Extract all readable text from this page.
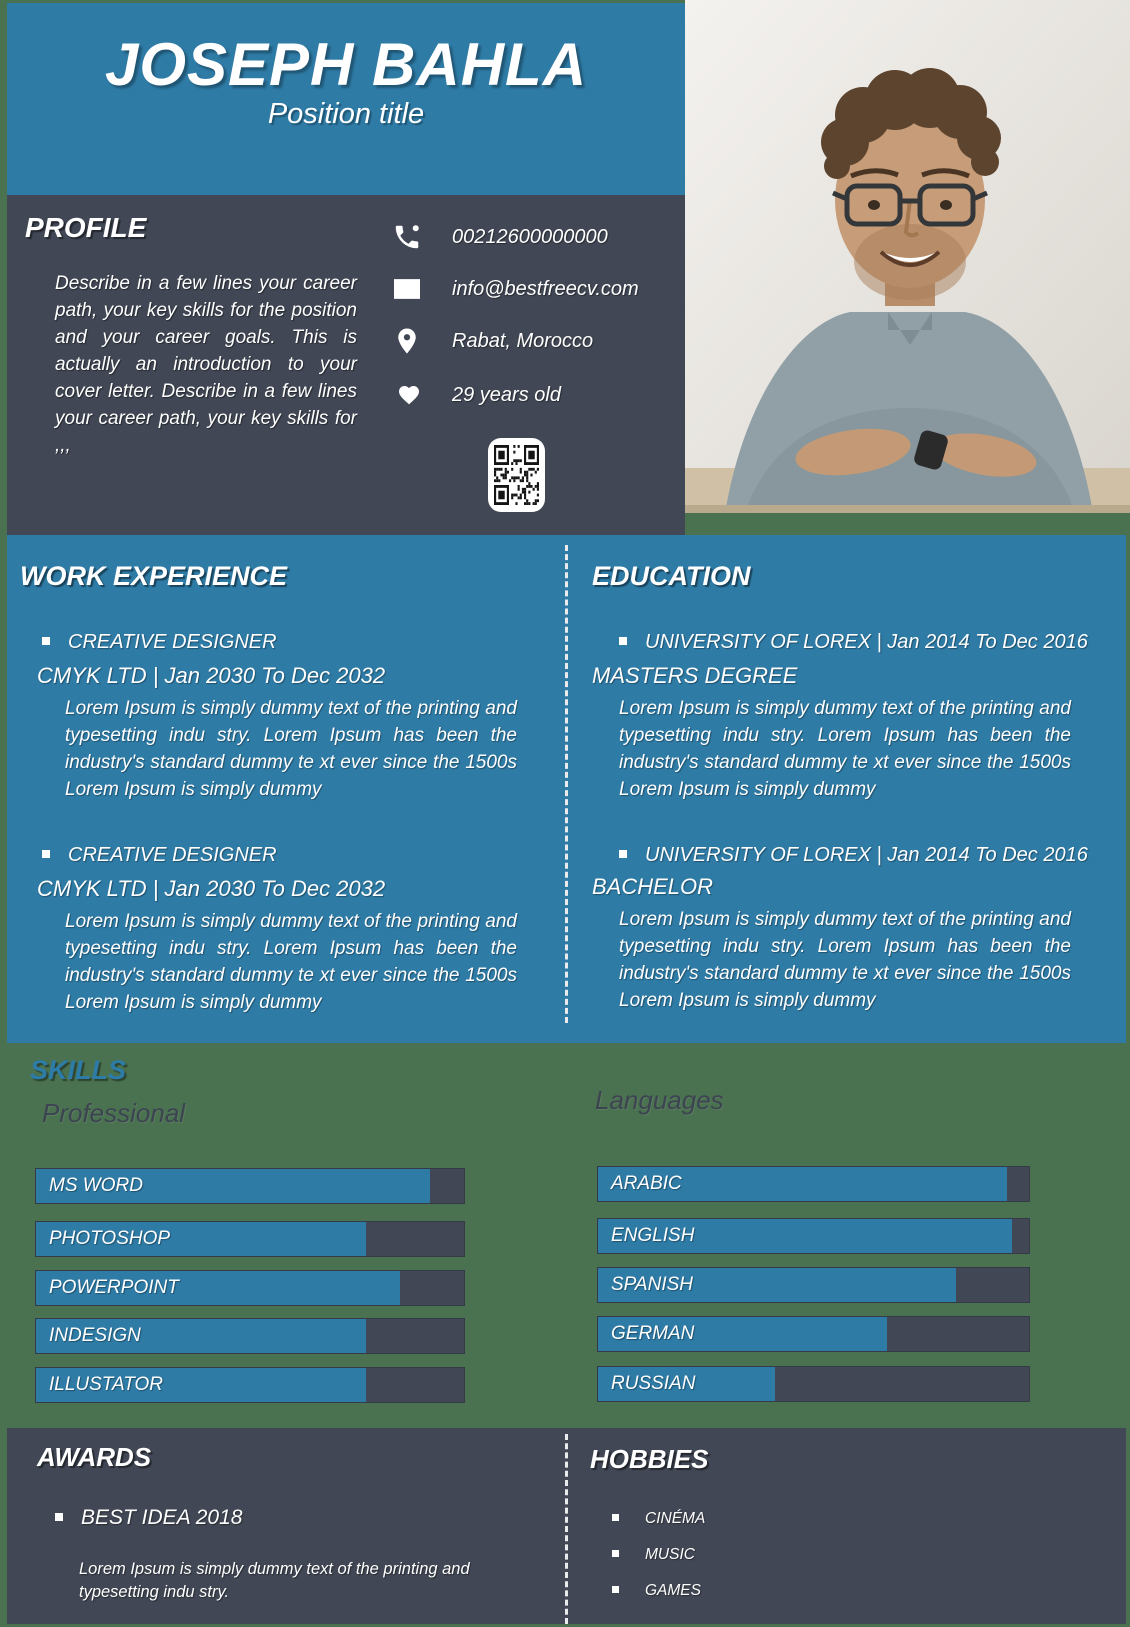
JOSEPH BAHLA
Position title
PROFILE
Describe in a few lines your career path, your key skills for the position and your career goals. This is actually an introduction to your cover letter. Describe in a few lines your career path, your key skills for ,,,
00212600000000
info@bestfreecv.com
Rabat, Morocco
29 years old
WORK EXPERIENCE
CREATIVE DESIGNER
CMYK LTD | Jan 2030 To Dec 2032
Lorem Ipsum is simply dummy text of the printing and typesetting indu stry. Lorem Ipsum has been the industry's standard dummy te xt ever since the 1500s Lorem Ipsum is simply dummy
CREATIVE DESIGNER
CMYK LTD | Jan 2030 To Dec 2032
Lorem Ipsum is simply dummy text of the printing and typesetting indu stry. Lorem Ipsum has been the industry's standard dummy te xt ever since the 1500s Lorem Ipsum is simply dummy
EDUCATION
UNIVERSITY OF LOREX | Jan 2014 To Dec 2016
MASTERS DEGREE
Lorem Ipsum is simply dummy text of the printing and typesetting indu stry. Lorem Ipsum has been the industry's standard dummy te xt ever since the 1500s Lorem Ipsum is simply dummy
UNIVERSITY OF LOREX | Jan 2014 To Dec 2016
BACHELOR
Lorem Ipsum is simply dummy text of the printing and typesetting indu stry. Lorem Ipsum has been the industry's standard dummy te xt ever since the 1500s Lorem Ipsum is simply dummy
SKILLS
Professional	Languages
MS WORD
PHOTOSHOP
POWERPOINT
INDESIGN
ILLUSTATOR
ARABIC
ENGLISH
SPANISH
GERMAN
RUSSIAN
AWARDS
BEST IDEA 2018
Lorem Ipsum is simply dummy text of the printing and typesetting indu stry.
HOBBIES
CINÉMA
MUSIC
GAMES
